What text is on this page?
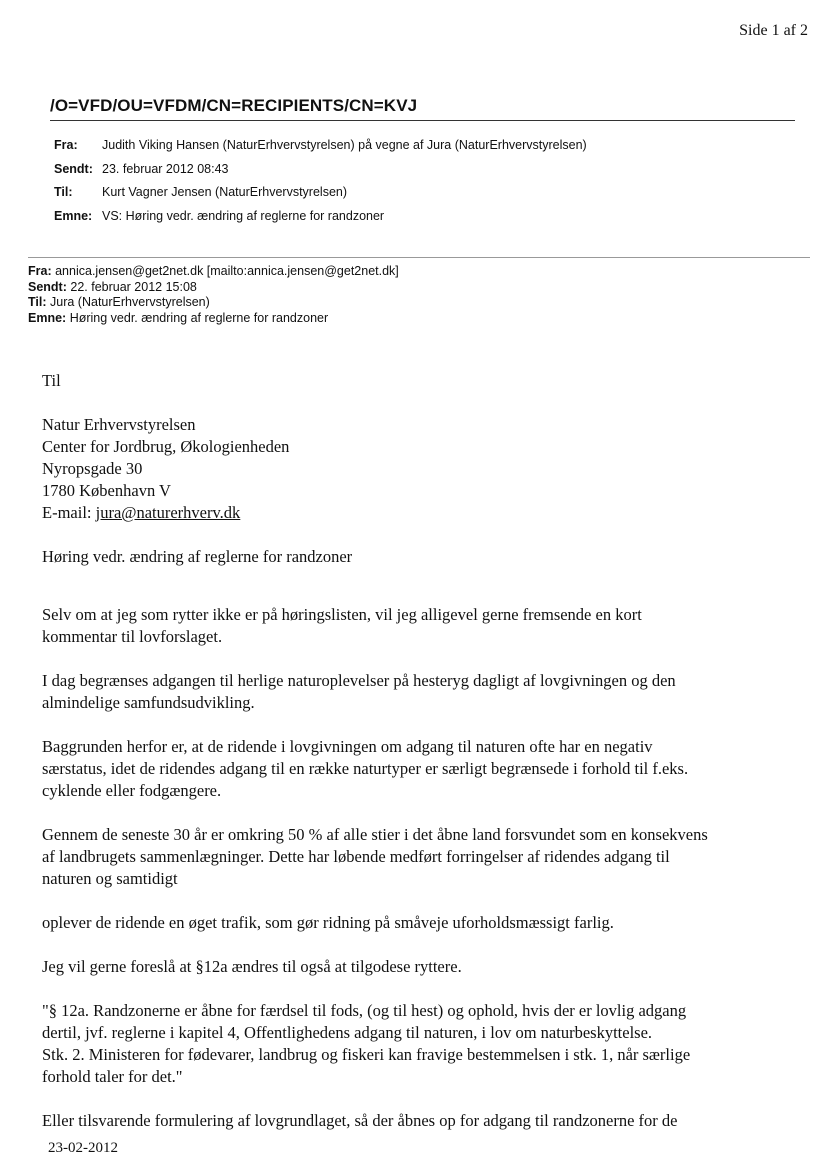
Side 1 af 2
/O=VFD/OU=VFDM/CN=RECIPIENTS/CN=KVJ
Fra:	Judith Viking Hansen (NaturErhvervstyrelsen) på vegne af Jura (NaturErhvervstyrelsen)
Sendt: 23. februar 2012 08:43
Til:	Kurt Vagner Jensen (NaturErhvervstyrelsen)
Emne: VS: Høring vedr. ændring af reglerne for randzoner
Fra: annica.jensen@get2net.dk [mailto:annica.jensen@get2net.dk]
Sendt: 22. februar 2012 15:08
Til: Jura (NaturErhvervstyrelsen)
Emne: Høring vedr. ændring af reglerne for randzoner

Til

Natur Erhvervstyrelsen

Center for Jordbrug, Økologienheden

Nyropsgade 30

1780 København V

E-mail: jura@naturerhverv.dk

Høring vedr. ændring af reglerne for randzoner

Selv om at jeg som rytter ikke er på høringslisten, vil jeg alligevel gerne fremsende en kort

kommentar til lovforslaget.

I dag begrænses adgangen til herlige naturoplevelser på hesteryg dagligt af lovgivningen og den

almindelige samfundsudvikling.

Baggrunden herfor er, at de ridende i lovgivningen om adgang til naturen ofte har en negativ

særstatus, idet de ridendes adgang til en række naturtyper er særligt begrænsede i forhold til f.eks.

cyklende eller fodgængere.

Gennem de seneste 30 år er omkring 50 % af alle stier i det åbne land forsvundet som en konsekvens

af landbrugets sammenlægninger. Dette har løbende medført forringelser af ridendes adgang til

naturen og samtidigt

oplever de ridende en øget trafik, som gør ridning på småveje uforholdsmæssigt farlig.

Jeg vil gerne foreslå at §12a ændres til også at tilgodese ryttere.

"§ 12a. Randzonerne er åbne for færdsel til fods, (og til hest) og ophold, hvis der er lovlig adgang

dertil, jvf. reglerne i kapitel 4, Offentlighedens adgang til naturen, i lov om naturbeskyttelse.

Stk. 2. Ministeren for fødevarer, landbrug og fiskeri kan fravige bestemmelsen i stk. 1, når særlige

forhold taler for det."

Eller tilsvarende formulering af lovgrundlaget, så der åbnes op for adgang til randzonerne for de

23-02-2012
